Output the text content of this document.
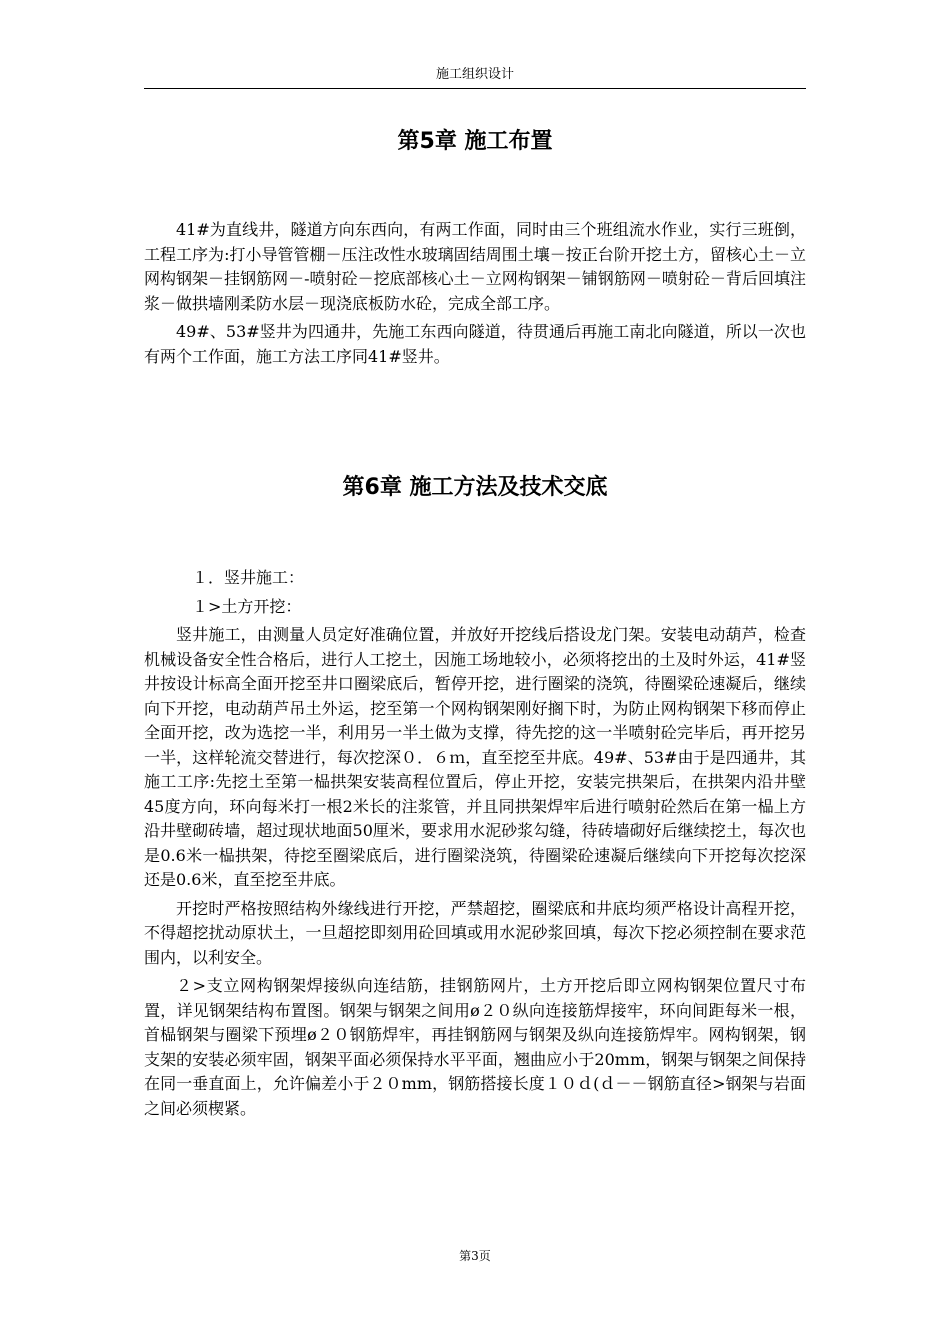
施工组织设计
第5章 施工布置

41#为直线井，隧道方向东西向，有两工作面，同时由三个班组流水作业，实行三班倒，工程工序为:打小导管管棚－压注改性水玻璃固结周围土壤－按正台阶开挖土方，留核心土－立网构钢架－挂钢筋网－-喷射砼－挖底部核心土－立网构钢架－铺钢筋网－喷射砼－背后回填注浆－做拱墙刚柔防水层－现浇底板防水砼，完成全部工序。

49#、53#竖井为四通井，先施工东西向隧道，待贯通后再施工南北向隧道，所以一次也有两个工作面，施工方法工序同41#竖井。

第6章 施工方法及技术交底

１．竖井施工：

１>土方开挖：

竖井施工，由测量人员定好准确位置，并放好开挖线后搭设龙门架。安装电动葫芦，检查机械设备安全性合格后，进行人工挖土，因施工场地较小，必须将挖出的土及时外运，41#竖井按设计标高全面开挖至井口圈梁底后，暂停开挖，进行圈梁的浇筑，待圈梁砼速凝后，继续向下开挖，电动葫芦吊土外运，挖至第一个网构钢架刚好搁下时，为防止网构钢架下移而停止全面开挖，改为选挖一半，利用另一半土做为支撑，待先挖的这一半喷射砼完毕后，再开挖另一半，这样轮流交替进行，每次挖深０．６ｍ，直至挖至井底。49#、53#由于是四通井，其施工工序:先挖土至第一榀拱架安装高程位置后，停止开挖，安装完拱架后，在拱架内沿井壁45度方向，环向每米打一根2米长的注浆管，并且同拱架焊牢后进行喷射砼然后在第一榀上方沿井壁砌砖墙，超过现状地面50厘米，要求用水泥砂浆勾缝，待砖墙砌好后继续挖土，每次也是0.6米一榀拱架，待挖至圈梁底后，进行圈梁浇筑，待圈梁砼速凝后继续向下开挖每次挖深还是0.6米，直至挖至井底。

开挖时严格按照结构外缘线进行开挖，严禁超挖，圈梁底和井底均须严格设计高程开挖，不得超挖扰动原状土，一旦超挖即刻用砼回填或用水泥砂浆回填，每次下挖必须控制在要求范围内，以利安全。

２>支立网构钢架焊接纵向连结筋，挂钢筋网片，土方开挖后即立网构钢架位置尺寸布置，详见钢架结构布置图。钢架与钢架之间用ø２０纵向连接筋焊接牢，环向间距每米一根，首榀钢架与圈梁下预埋ø２０钢筋焊牢，再挂钢筋网与钢架及纵向连接筋焊牢。网构钢架，钢支架的安装必须牢固，钢架平面必须保持水平平面，翘曲应小于20mm，钢架与钢架之间保持在同一垂直面上，允许偏差小于２０mm，钢筋搭接长度１０ｄ(ｄ－－钢筋直径>钢架与岩面之间必须楔紧。

第3页
